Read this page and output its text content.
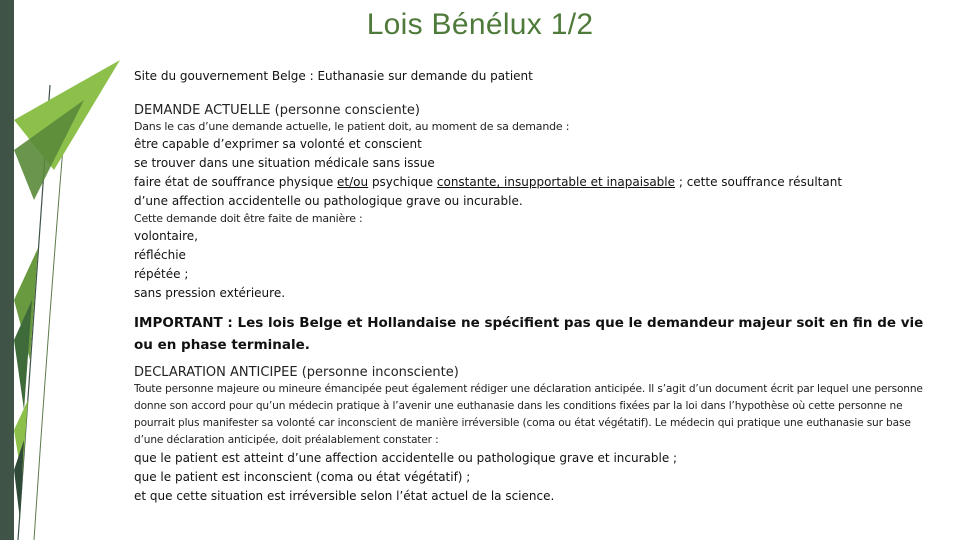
Lois Bénélux 1/2
Site du gouvernement Belge : Euthanasie sur demande du patient
DEMANDE ACTUELLE (personne consciente)
Dans le cas d’une demande actuelle, le patient doit, au moment de sa demande :
être capable d’exprimer sa volonté et conscient
se trouver dans une situation médicale sans issue
faire état de souffrance physique et/ou psychique constante, insupportable et inapaisable ; cette souffrance résultant
d’une affection accidentelle ou pathologique grave ou incurable.
Cette demande doit être faite de manière :
volontaire,
réfléchie
répétée ;
sans pression extérieure.
IMPORTANT : Les lois Belge et Hollandaise ne spécifient pas que le demandeur majeur soit en fin de vie ou en phase terminale.
DECLARATION ANTICIPEE (personne inconsciente)
Toute personne majeure ou mineure émancipée peut également rédiger une déclaration anticipée. Il s’agit d’un document écrit par lequel une personne donne son accord pour qu’un médecin pratique à l’avenir une euthanasie dans les conditions fixées par la loi dans l’hypothèse où cette personne ne pourrait plus manifester sa volonté car inconscient de manière irréversible (coma ou état végétatif). Le médecin qui pratique une euthanasie sur base d’une déclaration anticipée, doit préalablement constater :
que le patient est atteint d’une affection accidentelle ou pathologique grave et incurable ;
que le patient est inconscient (coma ou état végétatif) ;
et que cette situation est irréversible selon l’état actuel de la science.
